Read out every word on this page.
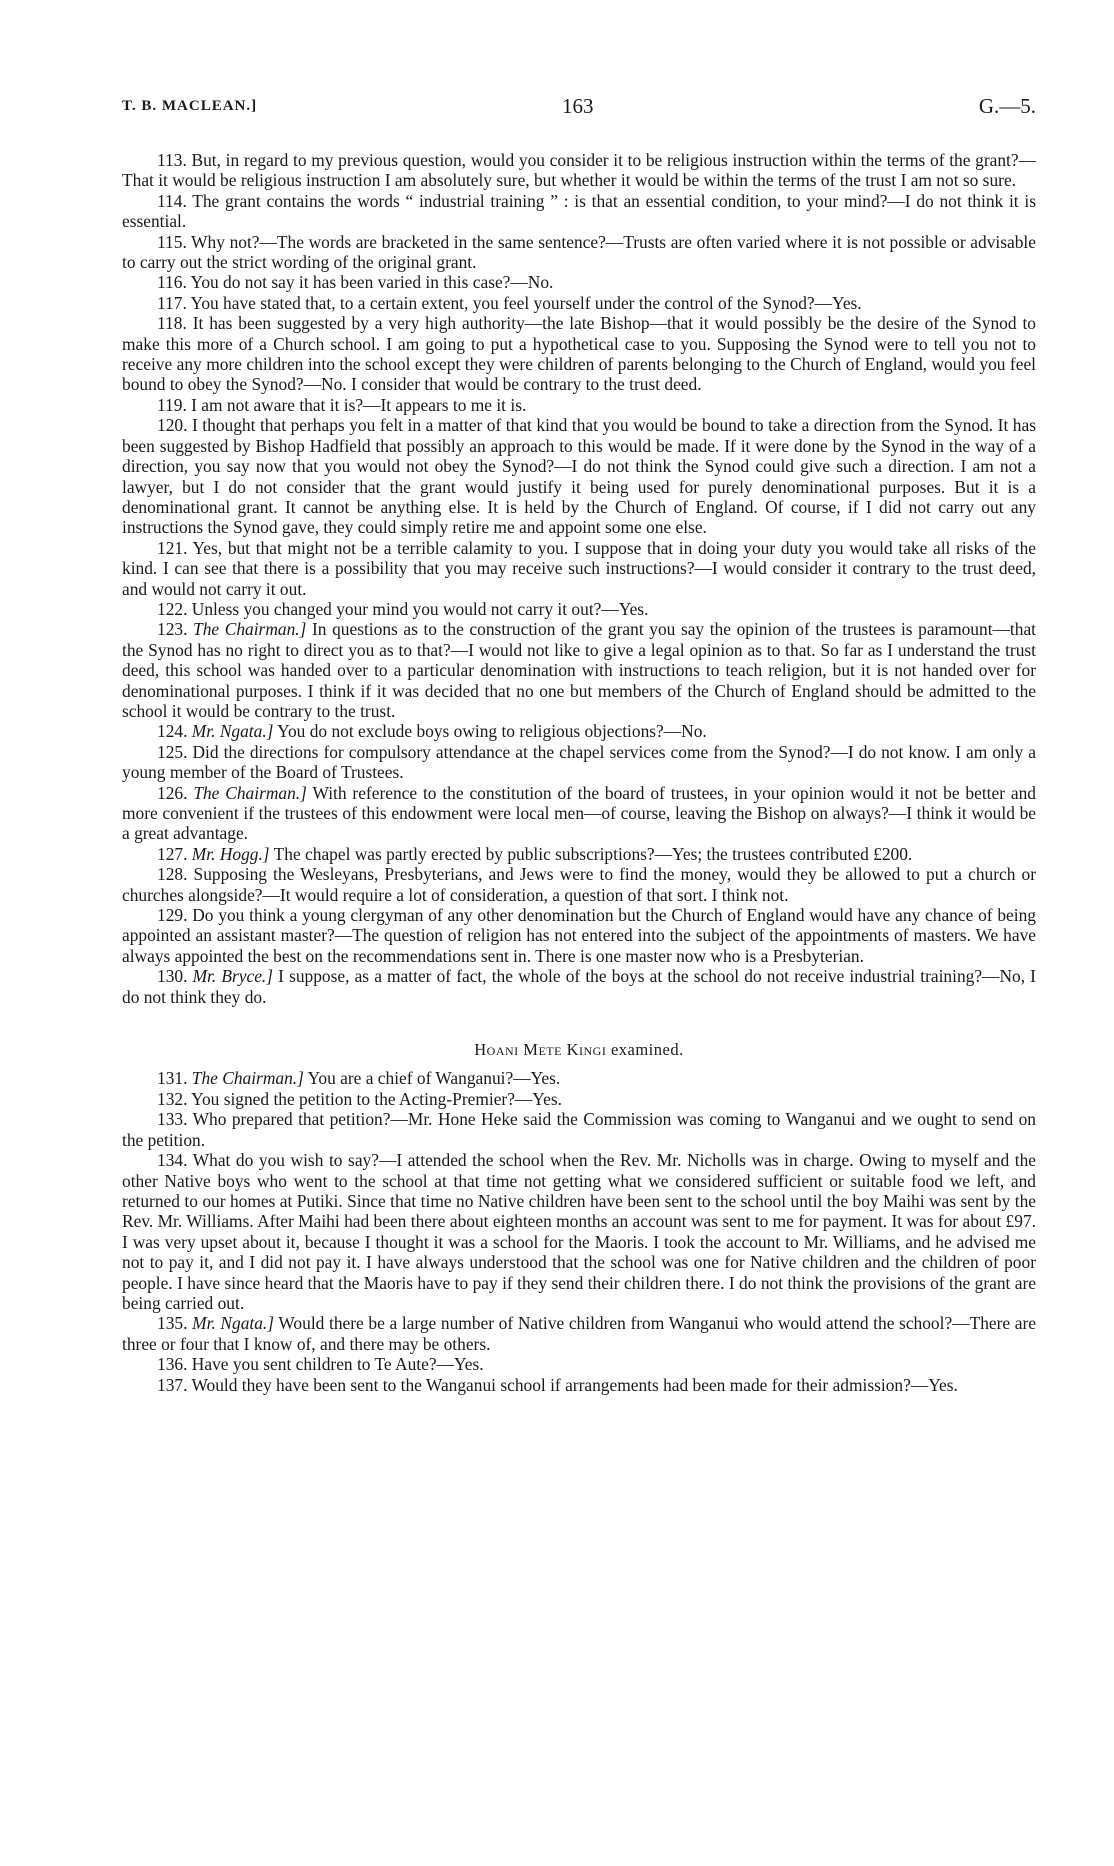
T. B. MACLEAN.]	163	G.—5.

113. But, in regard to my previous question, would you consider it to be religious instruction within the terms of the grant?—That it would be religious instruction I am absolutely sure, but whether it would be within the terms of the trust I am not so sure.

114. The grant contains the words “ industrial training ” : is that an essential condition, to your mind?—I do not think it is essential.

115. Why not?—The words are bracketed in the same sentence?—Trusts are often varied where it is not possible or advisable to carry out the strict wording of the original grant.

116. You do not say it has been varied in this case?—No.

117. You have stated that, to a certain extent, you feel yourself under the control of the Synod?—Yes.

118. It has been suggested by a very high authority—the late Bishop—that it would possibly be the desire of the Synod to make this more of a Church school. I am going to put a hypothetical case to you. Supposing the Synod were to tell you not to receive any more children into the school except they were children of parents belonging to the Church of England, would you feel bound to obey the Synod?—No. I consider that would be contrary to the trust deed.

119. I am not aware that it is?—It appears to me it is.

120. I thought that perhaps you felt in a matter of that kind that you would be bound to take a direction from the Synod. It has been suggested by Bishop Hadfield that possibly an approach to this would be made. If it were done by the Synod in the way of a direction, you say now that you would not obey the Synod?—I do not think the Synod could give such a direction. I am not a lawyer, but I do not consider that the grant would justify it being used for purely denominational purposes. But it is a denominational grant. It cannot be anything else. It is held by the Church of England. Of course, if I did not carry out any instructions the Synod gave, they could simply retire me and appoint some one else.

121. Yes, but that might not be a terrible calamity to you. I suppose that in doing your duty you would take all risks of the kind. I can see that there is a possibility that you may receive such instructions?—I would consider it contrary to the trust deed, and would not carry it out.

122. Unless you changed your mind you would not carry it out?—Yes.

123. The Chairman.] In questions as to the construction of the grant you say the opinion of the trustees is paramount—that the Synod has no right to direct you as to that?—I would not like to give a legal opinion as to that. So far as I understand the trust deed, this school was handed over to a particular denomination with instructions to teach religion, but it is not handed over for denominational purposes. I think if it was decided that no one but members of the Church of England should be admitted to the school it would be contrary to the trust.

124. Mr. Ngata.] You do not exclude boys owing to religious objections?—No.

125. Did the directions for compulsory attendance at the chapel services come from the Synod?—I do not know. I am only a young member of the Board of Trustees.

126. The Chairman.] With reference to the constitution of the board of trustees, in your opinion would it not be better and more convenient if the trustees of this endowment were local men—of course, leaving the Bishop on always?—I think it would be a great advantage.

127. Mr. Hogg.] The chapel was partly erected by public subscriptions?—Yes; the trustees contributed £200.

128. Supposing the Wesleyans, Presbyterians, and Jews were to find the money, would they be allowed to put a church or churches alongside?—It would require a lot of consideration, a question of that sort. I think not.

129. Do you think a young clergyman of any other denomination but the Church of England would have any chance of being appointed an assistant master?—The question of religion has not entered into the subject of the appointments of masters. We have always appointed the best on the recommendations sent in. There is one master now who is a Presbyterian.

130. Mr. Bryce.] I suppose, as a matter of fact, the whole of the boys at the school do not receive industrial training?—No, I do not think they do.

Hoani Mete Kingi examined.

131. The Chairman.] You are a chief of Wanganui?—Yes.

132. You signed the petition to the Acting-Premier?—Yes.

133. Who prepared that petition?—Mr. Hone Heke said the Commission was coming to Wanganui and we ought to send on the petition.

134. What do you wish to say?—I attended the school when the Rev. Mr. Nicholls was in charge. Owing to myself and the other Native boys who went to the school at that time not getting what we considered sufficient or suitable food we left, and returned to our homes at Putiki. Since that time no Native children have been sent to the school until the boy Maihi was sent by the Rev. Mr. Williams. After Maihi had been there about eighteen months an account was sent to me for payment. It was for about £97. I was very upset about it, because I thought it was a school for the Maoris. I took the account to Mr. Williams, and he advised me not to pay it, and I did not pay it. I have always understood that the school was one for Native children and the children of poor people. I have since heard that the Maoris have to pay if they send their children there. I do not think the provisions of the grant are being carried out.

135. Mr. Ngata.] Would there be a large number of Native children from Wanganui who would attend the school?—There are three or four that I know of, and there may be others.

136. Have you sent children to Te Aute?—Yes.

137. Would they have been sent to the Wanganui school if arrangements had been made for their admission?—Yes.
